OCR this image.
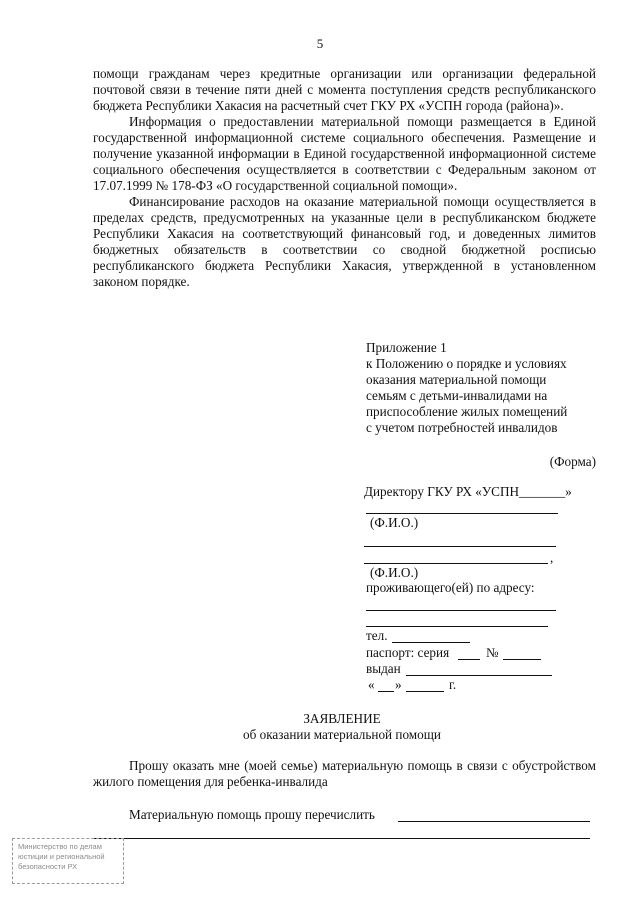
5

помощи гражданам через кредитные организации или организации федеральной почтовой связи в течение пяти дней с момента поступления средств республиканского бюджета Республики Хакасия на расчетный счет ГКУ РХ «УСПН города (района)».

Информация о предоставлении материальной помощи размещается в Единой государственной информационной системе социального обеспечения. Размещение и получение указанной информации в Единой государственной информационной системе социального обеспечения осуществляется в соответствии с Федеральным законом от 17.07.1999 № 178-ФЗ «О государственной социальной помощи».

Финансирование расходов на оказание материальной помощи осуществляется в пределах средств, предусмотренных на указанные цели в республиканском бюджете Республики Хакасия на соответствующий финансовый год, и доведенных лимитов бюджетных обязательств в соответствии со сводной бюджетной росписью республиканского бюджета Республики Хакасия, утвержденной в установленном законом порядке.

Приложение 1
к Положению о порядке и условиях
оказания материальной помощи
семьям с детьми-инвалидами на
приспособление жилых помещений
с учетом потребностей инвалидов
(Форма)
Директору ГКУ РХ «УСПН_______»
(Ф.И.О.)
,
(Ф.И.О.)
проживающего(ей) по адресу:
тел.
паспорт: серия	№
выдан
« »	г.
ЗАЯВЛЕНИЕ
об оказании материальной помощи

Прошу оказать мне (моей семье) материальную помощь в связи с обустройством жилого помещения для ребенка-инвалида

Материальную помощь прошу перечислить
Министерство по делам
юстиции и региональной
безопасности РХ
